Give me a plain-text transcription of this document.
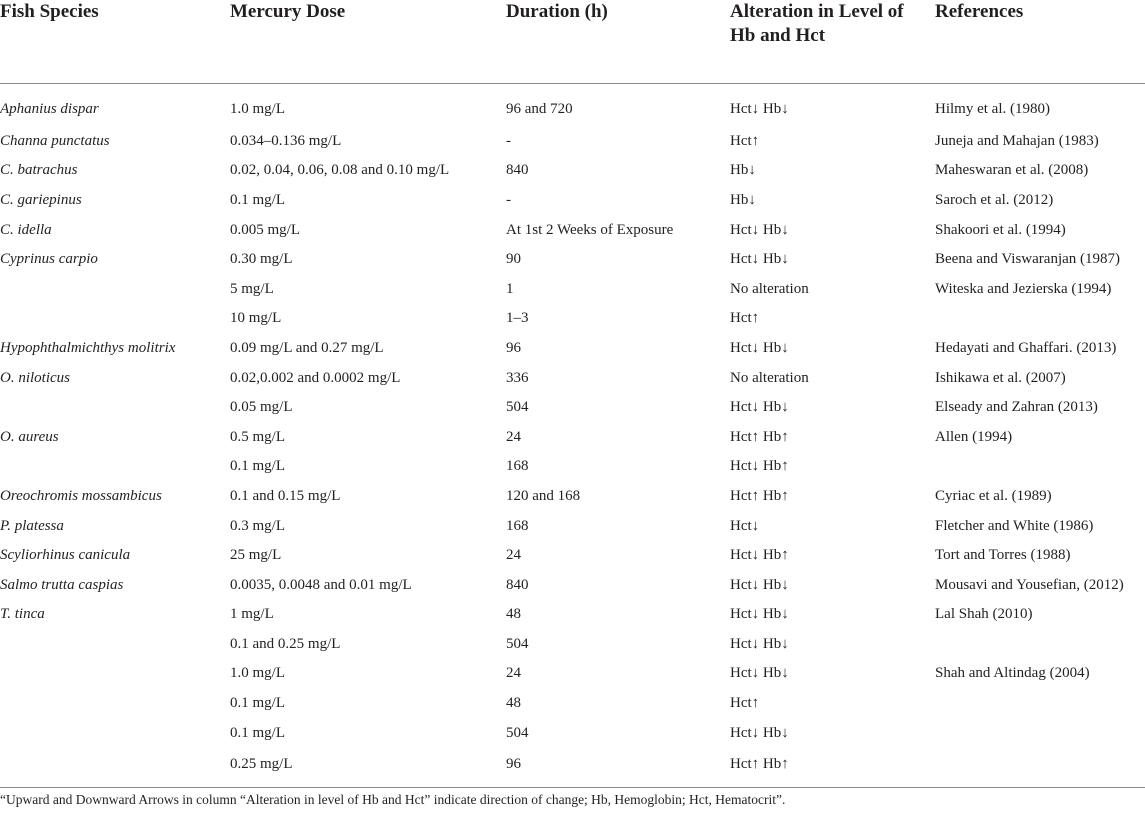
Fish Species	Mercury Dose	Duration (h)	Alteration in Level of Hb and Hct	References

Aphanius dispar	1.0 mg/L	96 and 720	Hct↓ Hb↓	Hilmy et al. (1980)
Channa punctatus	0.034–0.136 mg/L	-	Hct↑	Juneja and Mahajan (1983)
C. batrachus	0.02, 0.04, 0.06, 0.08 and 0.10 mg/L	840	Hb↓	Maheswaran et al. (2008)
C. gariepinus	0.1 mg/L	-	Hb↓	Saroch et al. (2012)
C. idella	0.005 mg/L	At 1st 2 Weeks of Exposure	Hct↓ Hb↓	Shakoori et al. (1994)
Cyprinus carpio	0.30 mg/L	90	Hct↓ Hb↓	Beena and Viswaranjan (1987)
	5 mg/L	1	No alteration	Witeska and Jezierska (1994)
	10 mg/L	1–3	Hct↑	
Hypophthalmichthys molitrix	0.09 mg/L and 0.27 mg/L	96	Hct↓ Hb↓	Hedayati and Ghaffari. (2013)
O. niloticus	0.02,0.002 and 0.0002 mg/L	336	No alteration	Ishikawa et al. (2007)
	0.05 mg/L	504	Hct↓ Hb↓	Elseady and Zahran (2013)
O. aureus	0.5 mg/L	24	Hct↑ Hb↑	Allen (1994)
	0.1 mg/L	168	Hct↓ Hb↑	
Oreochromis mossambicus	0.1 and 0.15 mg/L	120 and 168	Hct↑ Hb↑	Cyriac et al. (1989)
P. platessa	0.3 mg/L	168	Hct↓	Fletcher and White (1986)
Scyliorhinus canicula	25 mg/L	24	Hct↓ Hb↑	Tort and Torres (1988)
Salmo trutta caspias	0.0035, 0.0048 and 0.01 mg/L	840	Hct↓ Hb↓	Mousavi and Yousefian, (2012)
T. tinca	1 mg/L	48	Hct↓ Hb↓	Lal Shah (2010)
	0.1 and 0.25 mg/L	504	Hct↓ Hb↓	
	1.0 mg/L	24	Hct↓ Hb↓	Shah and Altindag (2004)
	0.1 mg/L	48	Hct↑	
	0.1 mg/L	504	Hct↓ Hb↓	
	0.25 mg/L	96	Hct↑ Hb↑	
“Upward and Downward Arrows in column “Alteration in level of Hb and Hct” indicate direction of change; Hb, Hemoglobin; Hct, Hematocrit”.
